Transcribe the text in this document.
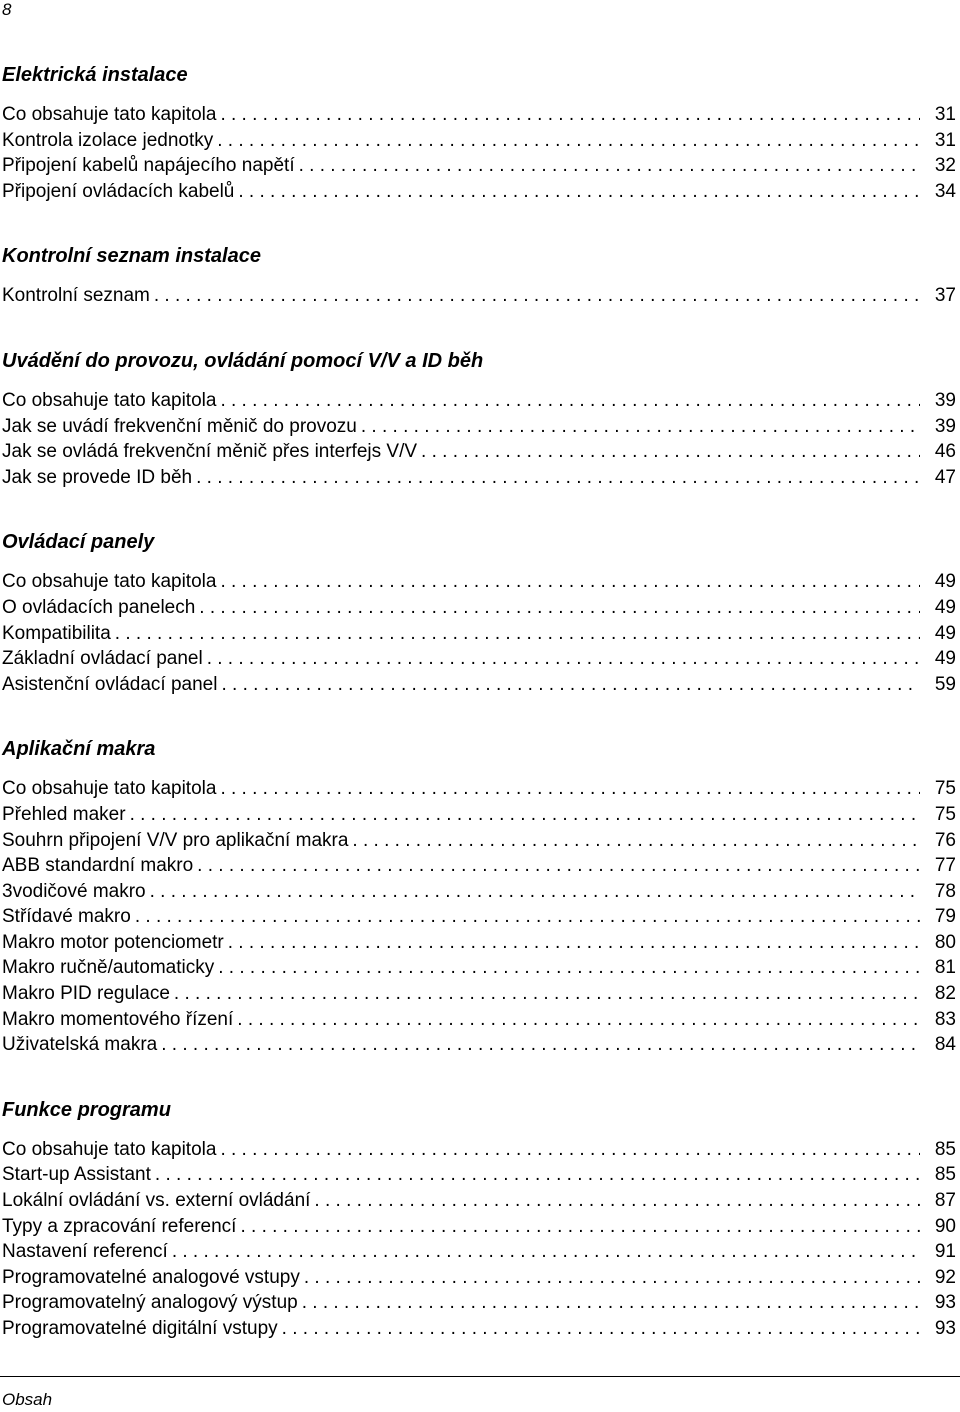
8
Elektrická instalace
Co obsahuje tato kapitola . . .	31
Kontrola izolace jednotky . . .	31
Připojení kabelů napájecího napětí . . .	32
Připojení ovládacích kabelů . . .	34
Kontrolní seznam instalace
Kontrolní seznam . . .	37
Uvádění do provozu, ovládání pomocí V/V a ID běh
Co obsahuje tato kapitola . . .	39
Jak se uvádí frekvenční měnič do provozu . . .	39
Jak se ovládá frekvenční měnič přes interfejs V/V . . .	46
Jak se provede ID běh . . .	47
Ovládací panely
Co obsahuje tato kapitola . . .	49
O ovládacích panelech . . .	49
Kompatibilita . . .	49
Základní ovládací panel . . .	49
Asistenční ovládací panel . . .	59
Aplikační makra
Co obsahuje tato kapitola . . .	75
Přehled maker . . .	75
Souhrn připojení V/V pro aplikační makra . . .	76
ABB standardní makro . . .	77
3vodičové makro . . .	78
Střídavé makro . . .	79
Makro motor potenciometr . . .	80
Makro ručně/automaticky . . .	81
Makro PID regulace . . .	82
Makro momentového řízení . . .	83
Uživatelská makra . . .	84
Funkce programu
Co obsahuje tato kapitola . . .	85
Start-up Assistant . . .	85
Lokální ovládání vs. externí ovládání . . .	87
Typy a zpracování referencí . . .	90
Nastavení referencí . . .	91
Programovatelné analogové vstupy . . .	92
Programovatelný analogový výstup . . .	93
Programovatelné digitální vstupy . . .	93
Obsah
